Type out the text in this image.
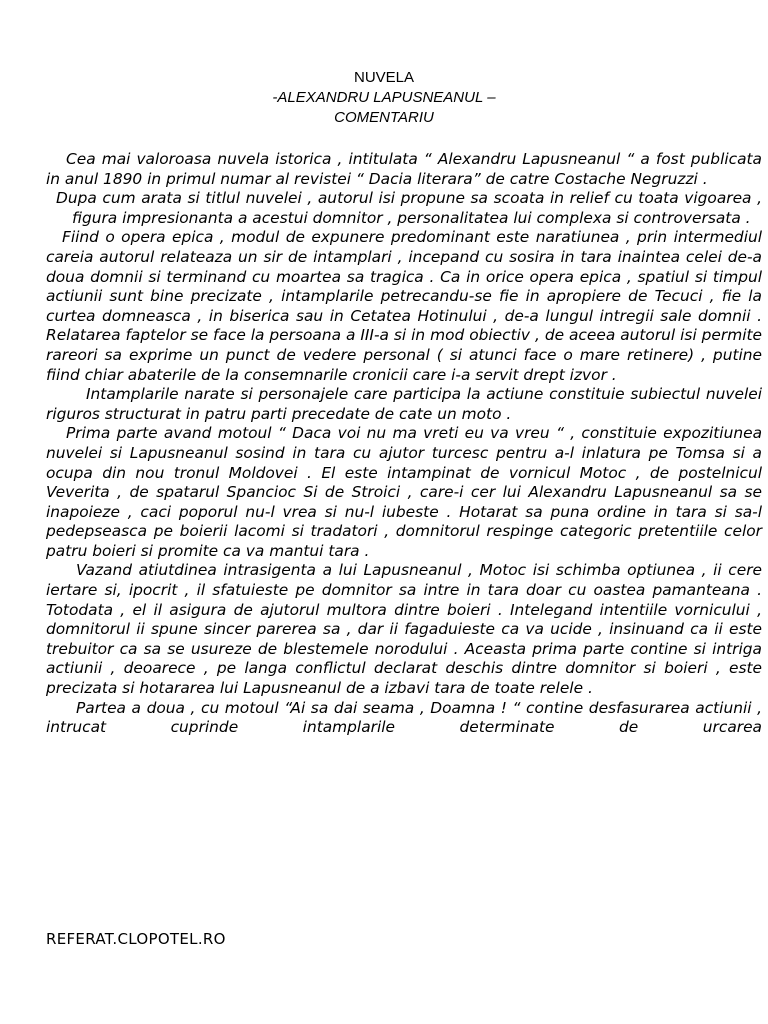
NUVELA
-ALEXANDRU LAPUSNEANUL –
COMENTARIU

Cea mai valoroasa nuvela istorica , intitulata “ Alexandru Lapusneanul “ a fost publicata in anul 1890 in primul numar al revistei “ Dacia literara” de catre Costache Negruzzi .

Dupa cum arata si titlul nuvelei , autorul isi propune sa scoata in relief cu toata vigoarea , figura impresionanta a acestui domnitor , personalitatea lui complexa si controversata .

Fiind o opera epica , modul de expunere predominant este naratiunea , prin intermediul careia autorul relateaza un sir de intamplari , incepand cu sosira in tara inaintea celei de-a doua domnii si terminand cu moartea sa tragica . Ca in orice opera epica , spatiul si timpul actiunii sunt bine precizate , intamplarile petrecandu-se fie in apropiere de Tecuci , fie la curtea domneasca , in biserica sau in Cetatea Hotinului , de-a lungul intregii sale domnii . Relatarea faptelor se face la persoana a III-a si in mod obiectiv , de aceea autorul isi permite rareori sa exprime un punct de vedere personal ( si atunci face o mare retinere) , putine fiind chiar abaterile de la consemnarile cronicii care i-a servit drept izvor .

Intamplarile narate si personajele care participa la actiune constituie subiectul nuvelei riguros structurat in patru parti precedate de cate un moto .

Prima parte avand motoul “ Daca voi nu ma vreti eu va vreu “ , constituie expozitiunea nuvelei si Lapusneanul sosind in tara cu ajutor turcesc pentru a-l inlatura pe Tomsa si a ocupa din nou tronul Moldovei . El este intampinat de vornicul Motoc , de postelnicul Veverita , de spatarul Spancioc Si de Stroici , care-i cer lui Alexandru Lapusneanul sa se inapoieze , caci poporul nu-l vrea si nu-l iubeste . Hotarat sa puna ordine in tara si sa-l pedepseasca pe boierii lacomi si tradatori , domnitorul respinge categoric pretentiile celor patru boieri si promite ca va mantui tara .

Vazand atiutdinea intrasigenta a lui Lapusneanul , Motoc isi schimba optiunea , ii cere iertare si, ipocrit , il sfatuieste pe domnitor sa intre in tara doar cu oastea pamanteana . Totodata , el il asigura de ajutorul multora dintre boieri . Intelegand intentiile vornicului , domnitorul ii spune sincer parerea sa , dar ii fagaduieste ca va ucide , insinuand ca ii este trebuitor ca sa se usureze de blestemele norodului . Aceasta prima parte contine si intriga actiunii , deoarece , pe langa conflictul declarat deschis dintre domnitor si boieri , este precizata si hotararea lui Lapusneanul de a izbavi tara de toate relele .

Partea a doua , cu motoul “Ai sa dai seama , Doamna ! “ contine desfasurarea actiunii , intrucat cuprinde intamplarile determinate de urcarea

REFERAT.CLOPOTEL.RO
